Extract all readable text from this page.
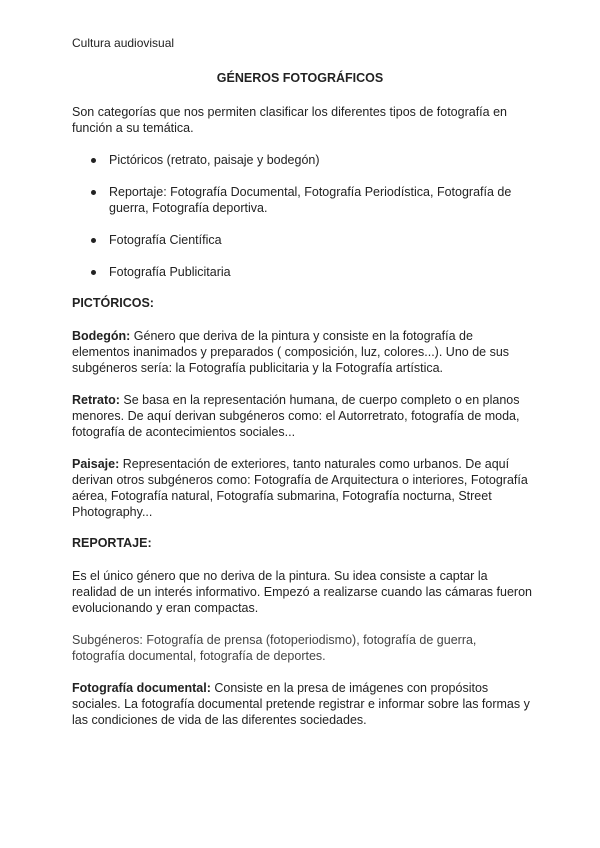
Cultura audiovisual
GÉNEROS FOTOGRÁFICOS
Son categorías que nos permiten clasificar los diferentes tipos de fotografía en función a su temática.
Pictóricos (retrato, paisaje y bodegón)
Reportaje: Fotografía Documental, Fotografía Periodística, Fotografía de guerra, Fotografía deportiva.
Fotografía Científica
Fotografía Publicitaria
PICTÓRICOS:
Bodegón: Género que deriva de la pintura y consiste en la fotografía de elementos inanimados y preparados ( composición, luz, colores...). Uno de sus subgéneros sería: la Fotografía publicitaria y la Fotografía artística.
Retrato: Se basa en la representación humana, de cuerpo completo o en planos menores. De aquí derivan subgéneros como: el Autorretrato, fotografía de moda, fotografía de acontecimientos sociales...
Paisaje: Representación de exteriores, tanto naturales como urbanos. De aquí derivan otros subgéneros como: Fotografía de Arquitectura o interiores, Fotografía aérea, Fotografía natural, Fotografía submarina, Fotografía nocturna, Street Photography...
REPORTAJE:
Es el único género que no deriva de la pintura. Su idea consiste a captar la realidad de un interés informativo. Empezó a realizarse cuando las cámaras fueron evolucionando y eran compactas.
Subgéneros: Fotografía de prensa (fotoperiodismo), fotografía de guerra, fotografía documental, fotografía de deportes.
Fotografía documental: Consiste en la presa de imágenes con propósitos sociales. La fotografía documental pretende registrar e informar sobre las formas y las condiciones de vida de las diferentes sociedades.
